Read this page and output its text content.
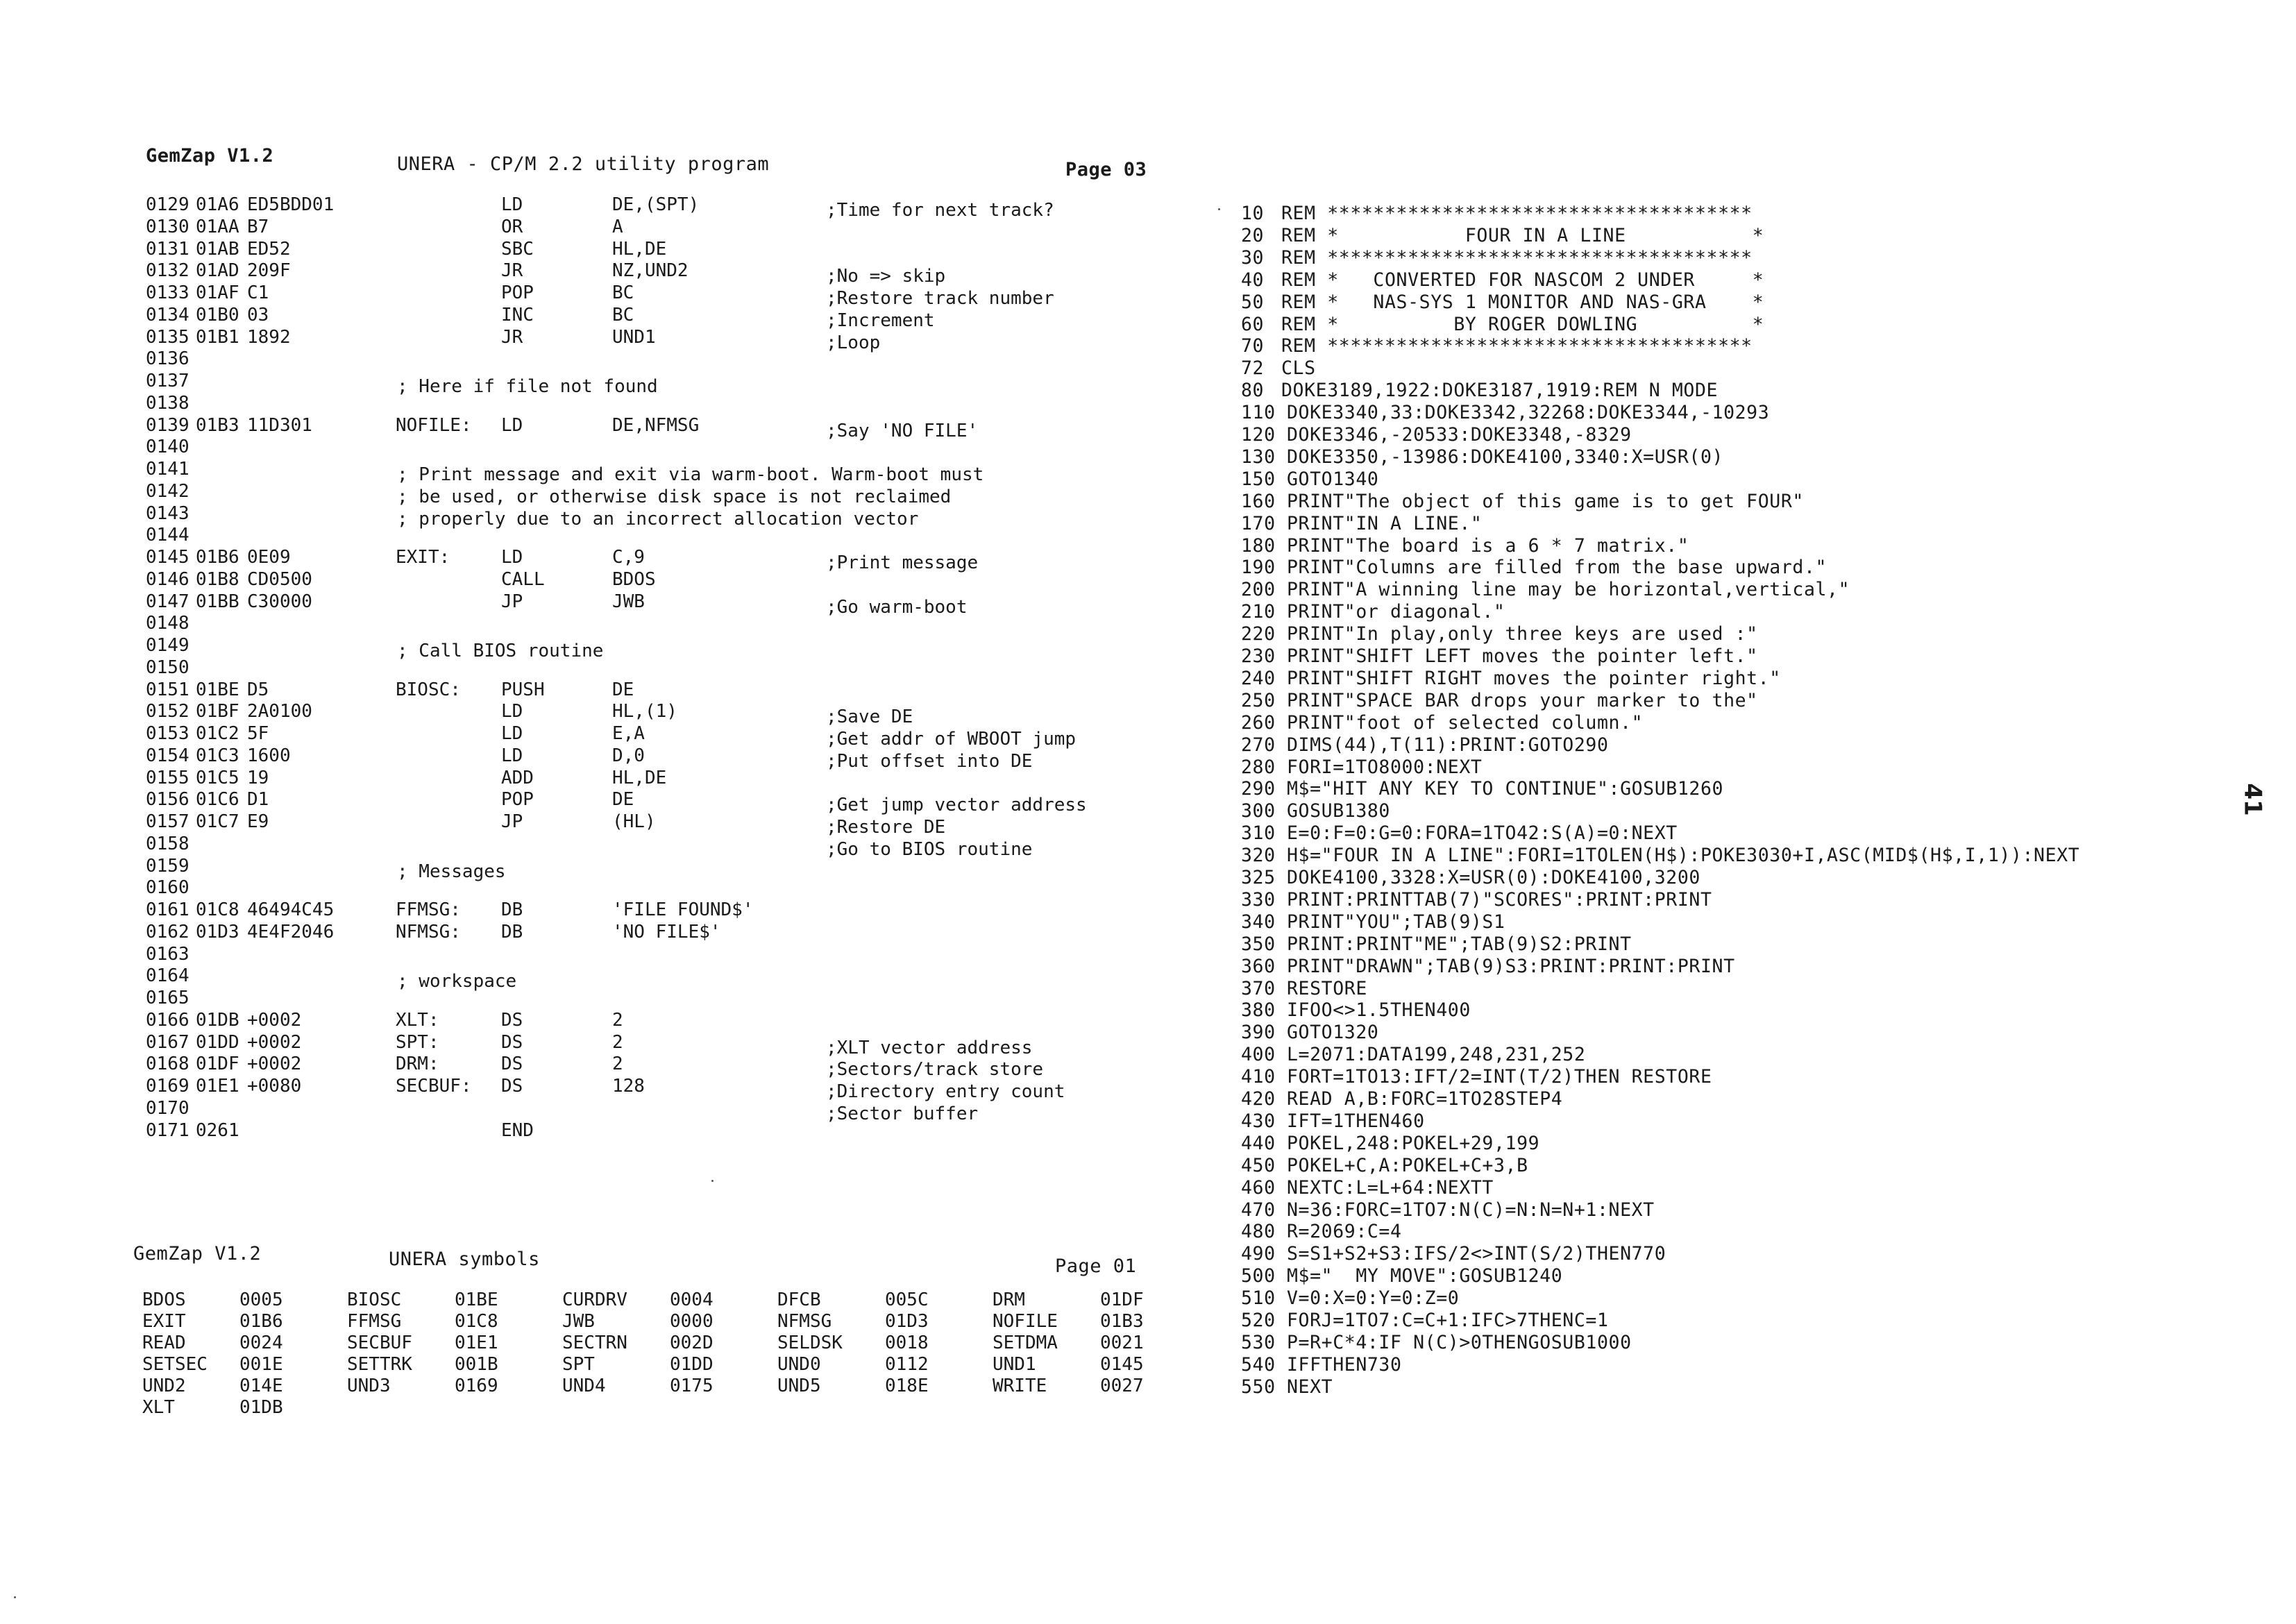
GemZap V1.2	UNERA - CP/M 2.2 utility program	Page 03
0129 01A6 ED5BDD01	LD	DE,(SPT)	;Time for next track?
0130 01AA B7	OR	A
0131 01AB ED52	SBC	HL,DE
0132 01AD 209F	JR	NZ,UND2	;No => skip
0133 01AF C1	POP	BC	;Restore track number
0134 01B0 03	INC	BC	;Increment
0135 01B1 1892	JR	UND1	;Loop
0136
0137	; Here if file not found
0138
0139 01B3 11D301	NOFILE: LD	DE,NFMSG	;Say 'NO FILE'
0140
0141	; Print message and exit via warm-boot. Warm-boot must
0142	; be used, or otherwise disk space is not reclaimed
0143	; properly due to an incorrect allocation vector
0144
0145 01B6 0E09	EXIT:	LD	C,9	;Print message
0146 01B8 CD0500	CALL	BDOS
0147 01BB C30000	JP	JWB	;Go warm-boot
0148
0149	; Call BIOS routine
0150
0151 01BE D5	BIOSC: PUSH	DE
0152 01BF 2A0100	LD	HL,(1)	;Save DE
0153 01C2 5F	LD	E,A	;Get addr of WBOOT jump
0154 01C3 1600	LD	D,0	;Put offset into DE
0155 01C5 19	ADD	HL,DE
0156 01C6 D1	POP	DE	;Get jump vector address
0157 01C7 E9	JP	(HL)	;Restore DE
0158	;Go to BIOS routine
0159	; Messages
0160
0161 01C8 46494C45	FFMSG: DB	'FILE FOUND$'
0162 01D3 4E4F2046	NFMSG: DB	'NO FILE$'
0163
0164	; workspace
0165
0166 01DB +0002	XLT:	DS	2
0167 01DD +0002	SPT:	DS	2	;XLT vector address
0168 01DF +0002	DRM:	DS	2	;Sectors/track store
0169 01E1 +0080	SECBUF: DS	128	;Directory entry count
0170	;Sector buffer
0171 0261	END
GemZap V1.2	UNERA symbols	Page 01
BDOS	0005	BIOSC	01BE	CURDRV 0004	DFCB	005C	DRM	01DF
EXIT	01B6	FFMSG	01C8	JWB	0000	NFMSG	01D3	NOFILE 01B3
READ	0024	SECBUF 01E1	SECTRN 002D	SELDSK 0018	SETDMA 0021
SETSEC 001E	SETTRK 001B	SPT	01DD	UND0	0112	UND1	0145
UND2	014E	UND3	0169	UND4	0175	UND5	018E	WRITE	0027
XLT	01DB
10 REM *************************************
20 REM *           FOUR IN A LINE           *
30 REM *************************************
40 REM *   CONVERTED FOR NASCOM 2 UNDER     *
50 REM *   NAS-SYS 1 MONITOR AND NAS-GRA    *
60 REM *          BY ROGER DOWLING          *
70 REM *************************************
72 CLS
80 DOKE3189,1922:DOKE3187,1919:REM N MODE
110 DOKE3340,33:DOKE3342,32268:DOKE3344,-10293
120 DOKE3346,-20533:DOKE3348,-8329
130 DOKE3350,-13986:DOKE4100,3340:X=USR(0)
150 GOTO1340
160 PRINT"The object of this game is to get FOUR"
170 PRINT"IN A LINE."
180 PRINT"The board is a 6 * 7 matrix."
190 PRINT"Columns are filled from the base upward."
200 PRINT"A winning line may be horizontal,vertical,"
210 PRINT"or diagonal."
220 PRINT"In play,only three keys are used :"
230 PRINT"SHIFT LEFT moves the pointer left."
240 PRINT"SHIFT RIGHT moves the pointer right."
250 PRINT"SPACE BAR drops your marker to the"
260 PRINT"foot of selected column."
270 DIMS(44),T(11):PRINT:GOTO290
280 FORI=1TO8000:NEXT
290 M$="HIT ANY KEY TO CONTINUE":GOSUB1260
300 GOSUB1380
310 E=0:F=0:G=0:FORA=1TO42:S(A)=0:NEXT
320 H$="FOUR IN A LINE":FORI=1TOLEN(H$):POKE3030+I,ASC(MID$(H$,I,1)):NEXT
325 DOKE4100,3328:X=USR(0):DOKE4100,3200
330 PRINT:PRINTTAB(7)"SCORES":PRINT:PRINT
340 PRINT"YOU";TAB(9)S1
350 PRINT:PRINT"ME";TAB(9)S2:PRINT
360 PRINT"DRAWN";TAB(9)S3:PRINT:PRINT:PRINT
370 RESTORE
380 IFOO<>1.5THEN400
390 GOTO1320
400 L=2071:DATA199,248,231,252
410 FORT=1TO13:IFT/2=INT(T/2)THEN RESTORE
420 READ A,B:FORC=1TO28STEP4
430 IFT=1THEN460
440 POKEL,248:POKEL+29,199
450 POKEL+C,A:POKEL+C+3,B
460 NEXTC:L=L+64:NEXTT
470 N=36:FORC=1TO7:N(C)=N:N=N+1:NEXT
480 R=2069:C=4
490 S=S1+S2+S3:IFS/2<>INT(S/2)THEN770
500 M$="  MY MOVE":GOSUB1240
510 V=0:X=0:Y=0:Z=0
520 FORJ=1TO7:C=C+1:IFC>7THENC=1
530 P=R+C*4:IF N(C)>0THENGOSUB1000
540 IFFTHEN730
550 NEXT
41
